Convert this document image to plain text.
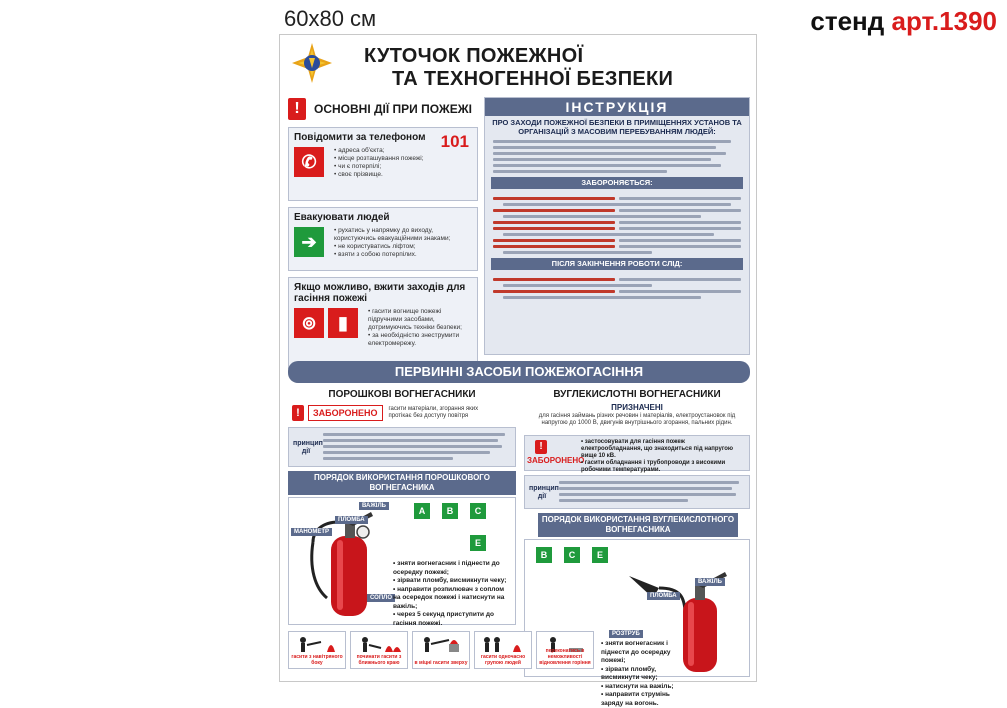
60x80 см	стенд арт.1390
КУТОЧОК ПОЖЕЖНОЇ
ТА ТЕХНОГЕННОЇ БЕЗПЕКИ
!	ОСНОВНІ ДІЇ ПРИ ПОЖЕЖІ
Повідомити за телефоном 101
✆
• адреса об'єкта;
• місце розташування пожежі;
• чи є потерпілі;
• своє прізвище.
Евакуювати людей
➔
• рухатись у напрямку до виходу, користуючись евакуаційними знаками;
• не користуватись ліфтом;
• взяти з собою потерпілих.
Якщо можливо, вжити заходів для гасіння пожежі
⊚	▮
• гасити вогнище пожежі підручними засобами, дотримуючись техніки безпеки;
• за необхідністю знеструмити електромережу.
ІНСТРУКЦІЯ
ПРО ЗАХОДИ ПОЖЕЖНОЇ БЕЗПЕКИ В ПРИМІЩЕННЯХ УСТАНОВ ТА ОРГАНІЗАЦІЙ З МАСОВИМ ПЕРЕБУВАННЯМ ЛЮДЕЙ:
ЗАБОРОНЯЄТЬСЯ:
ПІСЛЯ ЗАКІНЧЕННЯ РОБОТИ СЛІД:
ПЕРВИННІ ЗАСОБИ ПОЖЕЖОГАСІННЯ
ПОРОШКОВІ ВОГНЕГАСНИКИ
!	ЗАБОРОНЕНО	гасити матеріали, згорання яких протікає без доступу повітря
принцип дії
ПОРЯДОК ВИКОРИСТАННЯ ПОРОШКОВОГО ВОГНЕГАСНИКА
ВАЖІЛЬ
ПЛОМБА
МАНОМЕТР
СОПЛО
A	B	C
E
• зняти вогнегасник і піднести до осередку пожежі;
• зірвати пломбу, висмикнути чеку;
• направити розпилювач з соплом на осередок пожежі і натиснути на важіль;
• через 5 секунд приступити до гасіння пожежі.
ВУГЛЕКИСЛОТНІ ВОГНЕГАСНИКИ
ПРИЗНАЧЕНІ
для гасіння займань різних речовин і матеріалів, електроустановок під напругою до 1000 В, двигунів внутрішнього згорання, пальних рідин.
!
ЗАБОРОНЕНО
• застосовувати для гасіння пожеж електрообладнання, що знаходиться під напругою вище 10 кВ.
• гасити обладнання і трубопроводи з високими робочими температурами.
принцип дії
ПОРЯДОК ВИКОРИСТАННЯ ВУГЛЕКИСЛОТНОГО ВОГНЕГАСНИКА
B	C	E
ВАЖІЛЬ
ПЛОМБА
РОЗТРУБ
• зняти вогнегасник і піднести до осередку пожежі;
• зірвати пломбу, висмикнути чеку;
• натиснути на важіль;
• направити струмінь заряду на вогонь.
гасити з навітряного боку
починати гасити з ближнього краю	в міцні гасити зверху
гасити одночасно групою людей
переконатись в неможливості відновлення горіння
